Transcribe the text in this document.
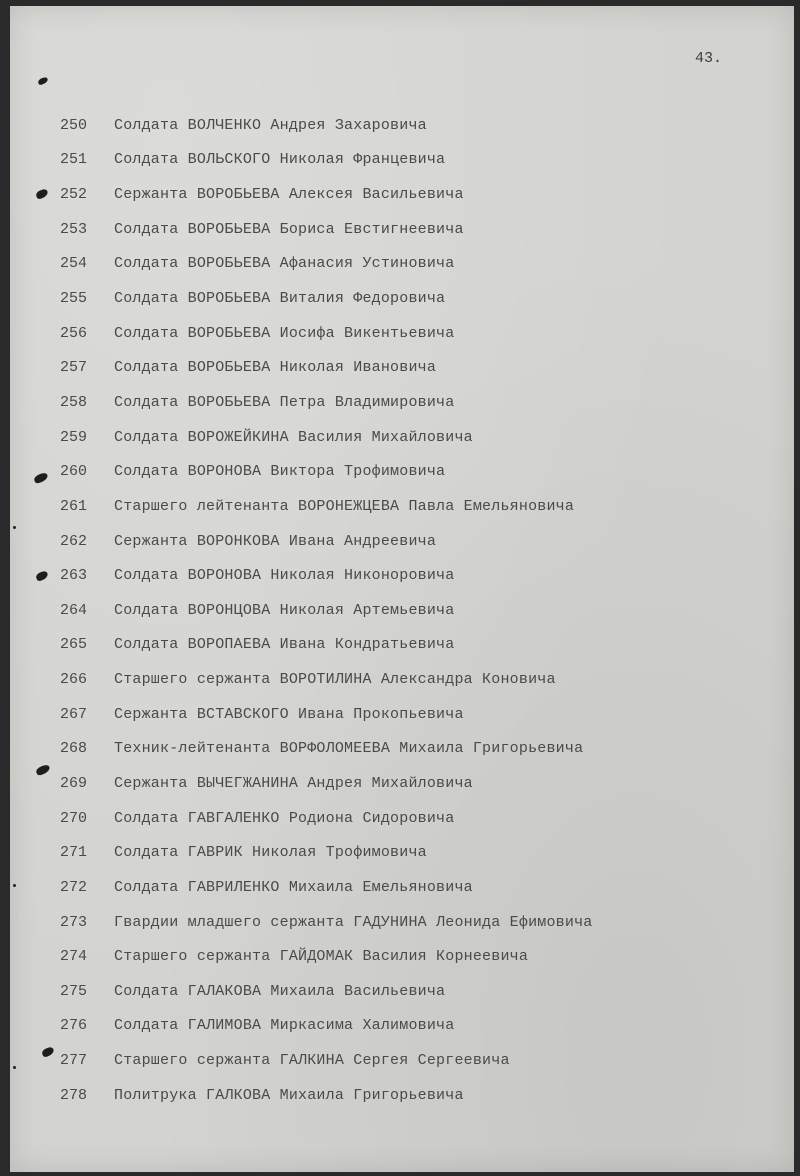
43.
250	Солдата ВОЛЧЕНКО Андрея Захаровича
251	Солдата ВОЛЬСКОГО Николая Францевича
252	Сержанта ВОРОБЬЕВА Алексея Васильевича
253	Солдата ВОРОБЬЕВА Бориса Евстигнеевича
254	Солдата ВОРОБЬЕВА Афанасия Устиновича
255	Солдата ВОРОБЬЕВА Виталия Федоровича
256	Солдата ВОРОБЬЕВА Иосифа Викентьевича
257	Солдата ВОРОБЬЕВА Николая Ивановича
258	Солдата ВОРОБЬЕВА Петра Владимировича
259	Солдата ВОРОЖЕЙКИНА Василия Михайловича
260	Солдата ВОРОНОВА Виктора Трофимовича
261	Старшего лейтенанта ВОРОНЕЖЦЕВА Павла Емельяновича
262	Сержанта ВОРОНКОВА Ивана Андреевича
263	Солдата ВОРОНОВА Николая Никоноровича
264	Солдата ВОРОНЦОВА Николая Артемьевича
265	Солдата ВОРОПАЕВА Ивана Кондратьевича
266	Старшего сержанта ВОРОТИЛИНА Александра Коновича
267	Сержанта ВСТАВСКОГО Ивана Прокопьевича
268	Техник-лейтенанта ВОРФОЛОМЕЕВА Михаила Григорьевича
269	Сержанта ВЫЧЕГЖАНИНА Андрея Михайловича
270	Солдата ГАВГАЛЕНКО Родиона Сидоровича
271	Солдата ГАВРИК Николая Трофимовича
272	Солдата ГАВРИЛЕНКО Михаила Емельяновича
273	Гвардии младшего сержанта ГАДУНИНА Леонида Ефимовича
274	Старшего сержанта ГАЙДОМАК Василия Корнеевича
275	Солдата ГАЛАКОВА Михаила Васильевича
276	Солдата ГАЛИМОВА Миркасима Халимовича
277	Старшего сержанта ГАЛКИНА Сергея Сергеевича
278	Политрука ГАЛКОВА Михаила Григорьевича
